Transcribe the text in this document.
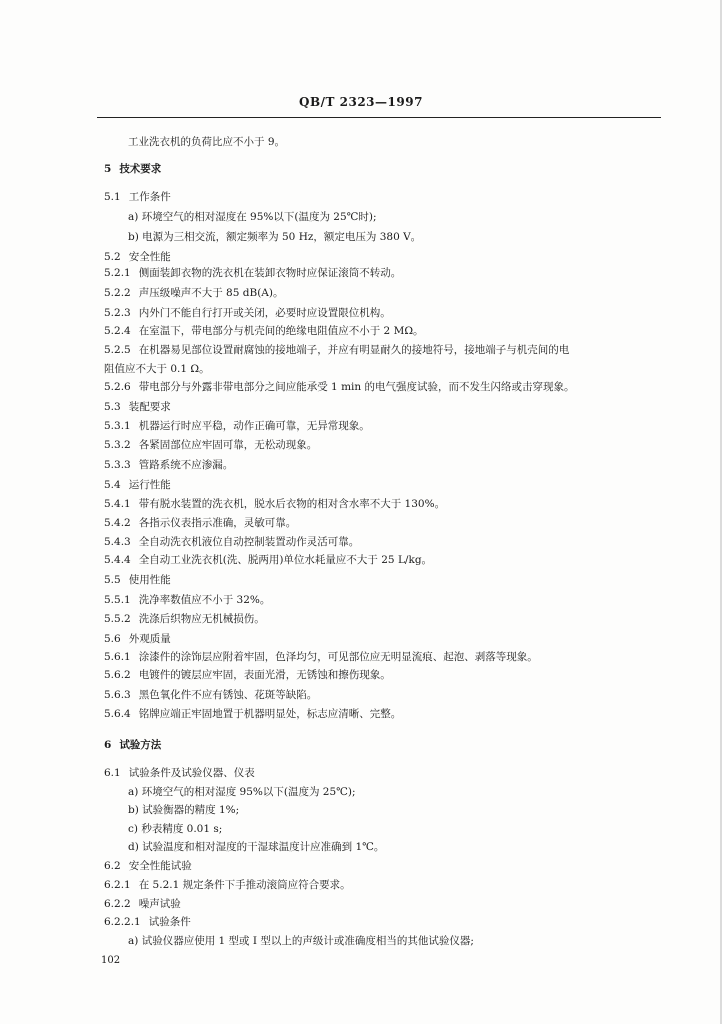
QB/T 2323—1997
工业洗衣机的负荷比应不小于 9。
5 技术要求
5.1 工作条件
a) 环境空气的相对湿度在 95%以下(温度为 25℃时);
b) 电源为三相交流，额定频率为 50 Hz，额定电压为 380 V。
5.2 安全性能
5.2.1 侧面装卸衣物的洗衣机在装卸衣物时应保证滚筒不转动。
5.2.2 声压级噪声不大于 85 dB(A)。
5.2.3 内外门不能自行打开或关闭，必要时应设置限位机构。
5.2.4 在室温下，带电部分与机壳间的绝缘电阻值应不小于 2 MΩ。
5.2.5 在机器易见部位设置耐腐蚀的接地端子，并应有明显耐久的接地符号，接地端子与机壳间的电
阻值应不大于 0.1 Ω。
5.2.6 带电部分与外露非带电部分之间应能承受 1 min 的电气强度试验，而不发生闪络或击穿现象。
5.3 装配要求
5.3.1 机器运行时应平稳，动作正确可靠，无异常现象。
5.3.2 各紧固部位应牢固可靠，无松动现象。
5.3.3 管路系统不应渗漏。
5.4 运行性能
5.4.1 带有脱水装置的洗衣机，脱水后衣物的相对含水率不大于 130%。
5.4.2 各指示仪表指示准确，灵敏可靠。
5.4.3 全自动洗衣机液位自动控制装置动作灵活可靠。
5.4.4 全自动工业洗衣机(洗、脱两用)单位水耗量应不大于 25 L/kg。
5.5 使用性能
5.5.1 洗净率数值应不小于 32%。
5.5.2 洗涤后织物应无机械损伤。
5.6 外观质量
5.6.1 涂漆件的涂饰层应附着牢固，色泽均匀，可见部位应无明显流痕、起泡、剥落等现象。
5.6.2 电镀件的镀层应牢固，表面光滑，无锈蚀和擦伤现象。
5.6.3 黑色氧化件不应有锈蚀、花斑等缺陷。
5.6.4 铭牌应端正牢固地置于机器明显处，标志应清晰、完整。
6 试验方法
6.1 试验条件及试验仪器、仪表
a) 环境空气的相对湿度 95%以下(温度为 25℃);
b) 试验衡器的精度 1%;
c) 秒表精度 0.01 s;
d) 试验温度和相对湿度的干湿球温度计应准确到 1℃。
6.2 安全性能试验
6.2.1 在 5.2.1 规定条件下手推动滚筒应符合要求。
6.2.2 噪声试验
6.2.2.1 试验条件
a) 试验仪器应使用 1 型或 I 型以上的声级计或准确度相当的其他试验仪器;
102
